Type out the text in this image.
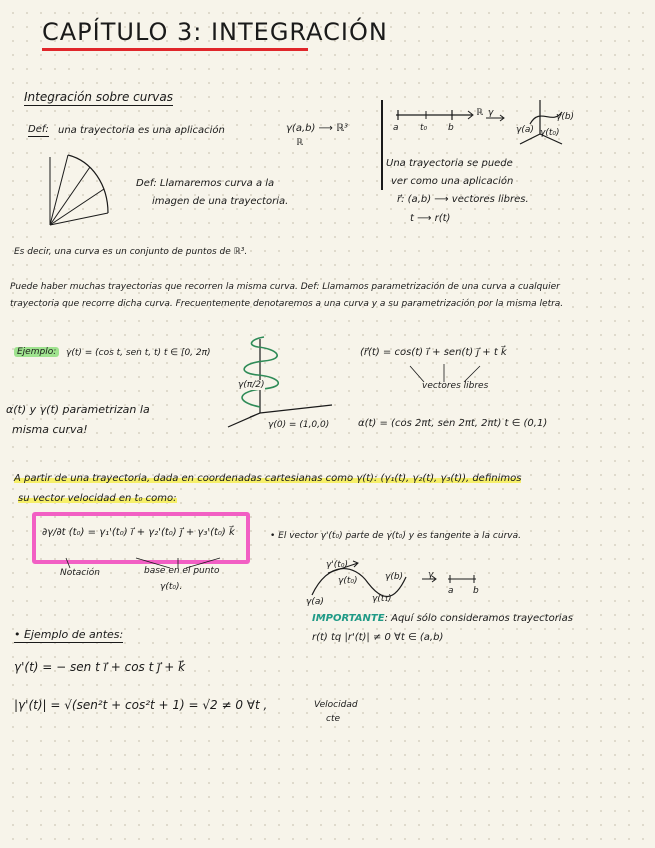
CAPÍTULO 3: INTEGRACIÓN
Integración sobre curvas
Def: una trayectoria es una aplicación	γ(a,b) ⟶ ℝ³
ℝ
a t₀ b
ℝ γ
γ(a) γ(t₀)
γ(b)
Una trayectoria se puede
ver como una aplicación
r⃗: (a,b) ⟶ vectores libres.
t ⟶ r(t)
Def: Llamaremos curva a la
imagen de una trayectoria.
Es decir, una curva es un conjunto de puntos de ℝ³.
Puede haber muchas trayectorias que recorren la misma curva. Def: Llamamos parametrización de una curva a cualquier
trayectoria que recorre dicha curva. Frecuentemente denotaremos a una curva y a su parametrización por la misma letra.
Ejemplo:	γ(t) = (cos t, sen t, t) t ∈ [0, 2π)
γ(π/2)
γ(0) = (1,0,0)
(r⃗(t) = cos(t) i⃗ + sen(t) j⃗ + t k⃗
vectores libres
α(t) = (cos 2πt, sen 2πt, 2πt) t ∈ (0,1)
α(t) y γ(t) parametrizan la
misma curva!
A partir de una trayectoria, dada en coordenadas cartesianas como γ(t): (γ₁(t), γ₂(t), γ₃(t)), definimos
su vector velocidad en t₀ como:
∂γ/∂t (t₀) = γ₁'(t₀) i⃗ + γ₂'(t₀) j⃗ + γ₃'(t₀) k⃗
Notación	base en el punto
γ(t₀).
• El vector γ'(t₀) parte de γ(t₀) y es tangente a la curva.
γ(a)
γ(b)
γ'(t₀)
γ(t₀)
γ(t₁)
γ
a b
IMPORTANTE: Aquí sólo consideramos trayectorias
r(t) tq |r'(t)| ≠ 0 ∀t ∈ (a,b)
• Ejemplo de antes:
γ'(t) = − sen t i⃗ + cos t j⃗ + k⃗
|γ'(t)| = √(sen²t + cos²t + 1) = √2 ≠ 0 ∀t ,	Velocidad
cte
